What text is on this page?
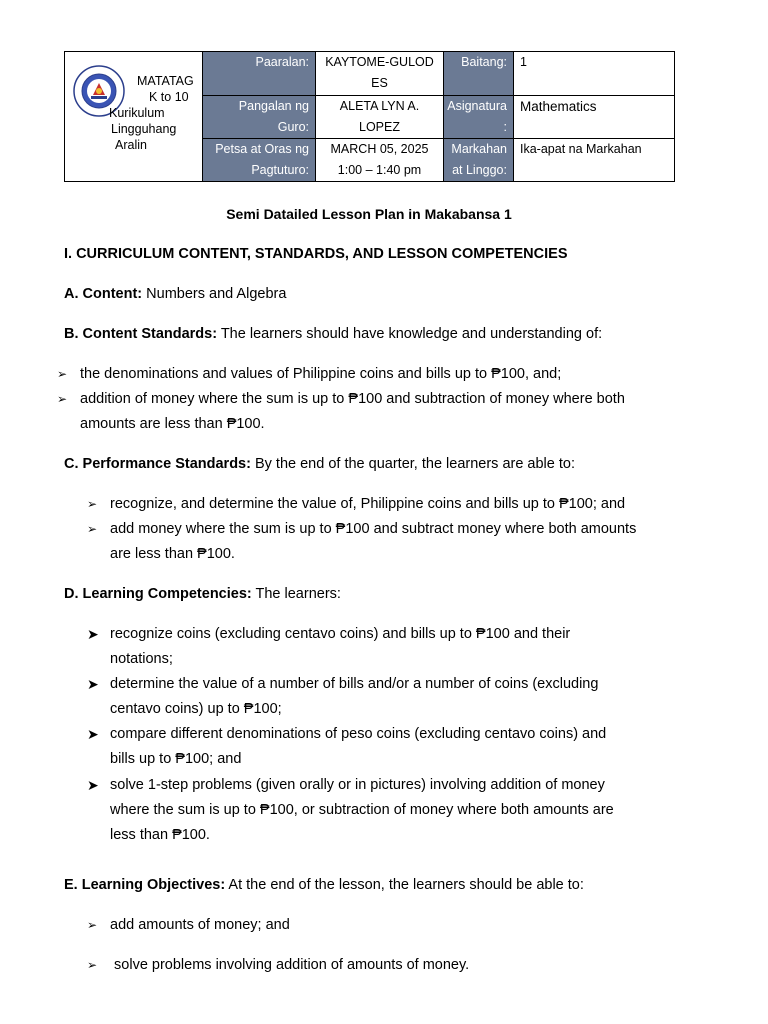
MATATAG
K to 10
Kurikulum
Lingguhang
Aralin
Paaralan:	KAYTOME-GULOD
ES
Baitang:	1
Pangalan ng
Guro:
ALETA LYN A.
LOPEZ
Asignatura
:
Mathematics
Petsa at Oras ng
Pagtuturo:
MARCH 05, 2025
1:00 – 1:40 pm
Markahan
at Linggo:
Ika-apat na Markahan
Semi Datailed Lesson Plan in Makabansa 1
I. CURRICULUM CONTENT, STANDARDS, AND LESSON COMPETENCIES
A. Content: Numbers and Algebra
B. Content Standards: The learners should have knowledge and understanding of:
➢ the denominations and values of Philippine coins and bills up to ₱100, and;
➢ addition of money where the sum is up to ₱100 and subtraction of money where both
amounts are less than ₱100.
C. Performance Standards: By the end of the quarter, the learners are able to:
➢ recognize, and determine the value of, Philippine coins and bills up to ₱100; and
➢ add money where the sum is up to ₱100 and subtract money where both amounts
are less than ₱100.
D. Learning Competencies: The learners:
➤ recognize coins (excluding centavo coins) and bills up to ₱100 and their
notations;
➤ determine the value of a number of bills and/or a number of coins (excluding
centavo coins) up to ₱100;
➤ compare different denominations of peso coins (excluding centavo coins) and
bills up to ₱100; and
➤ solve 1-step problems (given orally or in pictures) involving addition of money
where the sum is up to ₱100, or subtraction of money where both amounts are
less than ₱100.
E. Learning Objectives: At the end of the lesson, the learners should be able to:
➢ add amounts of money; and
➢ solve problems involving addition of amounts of money.
